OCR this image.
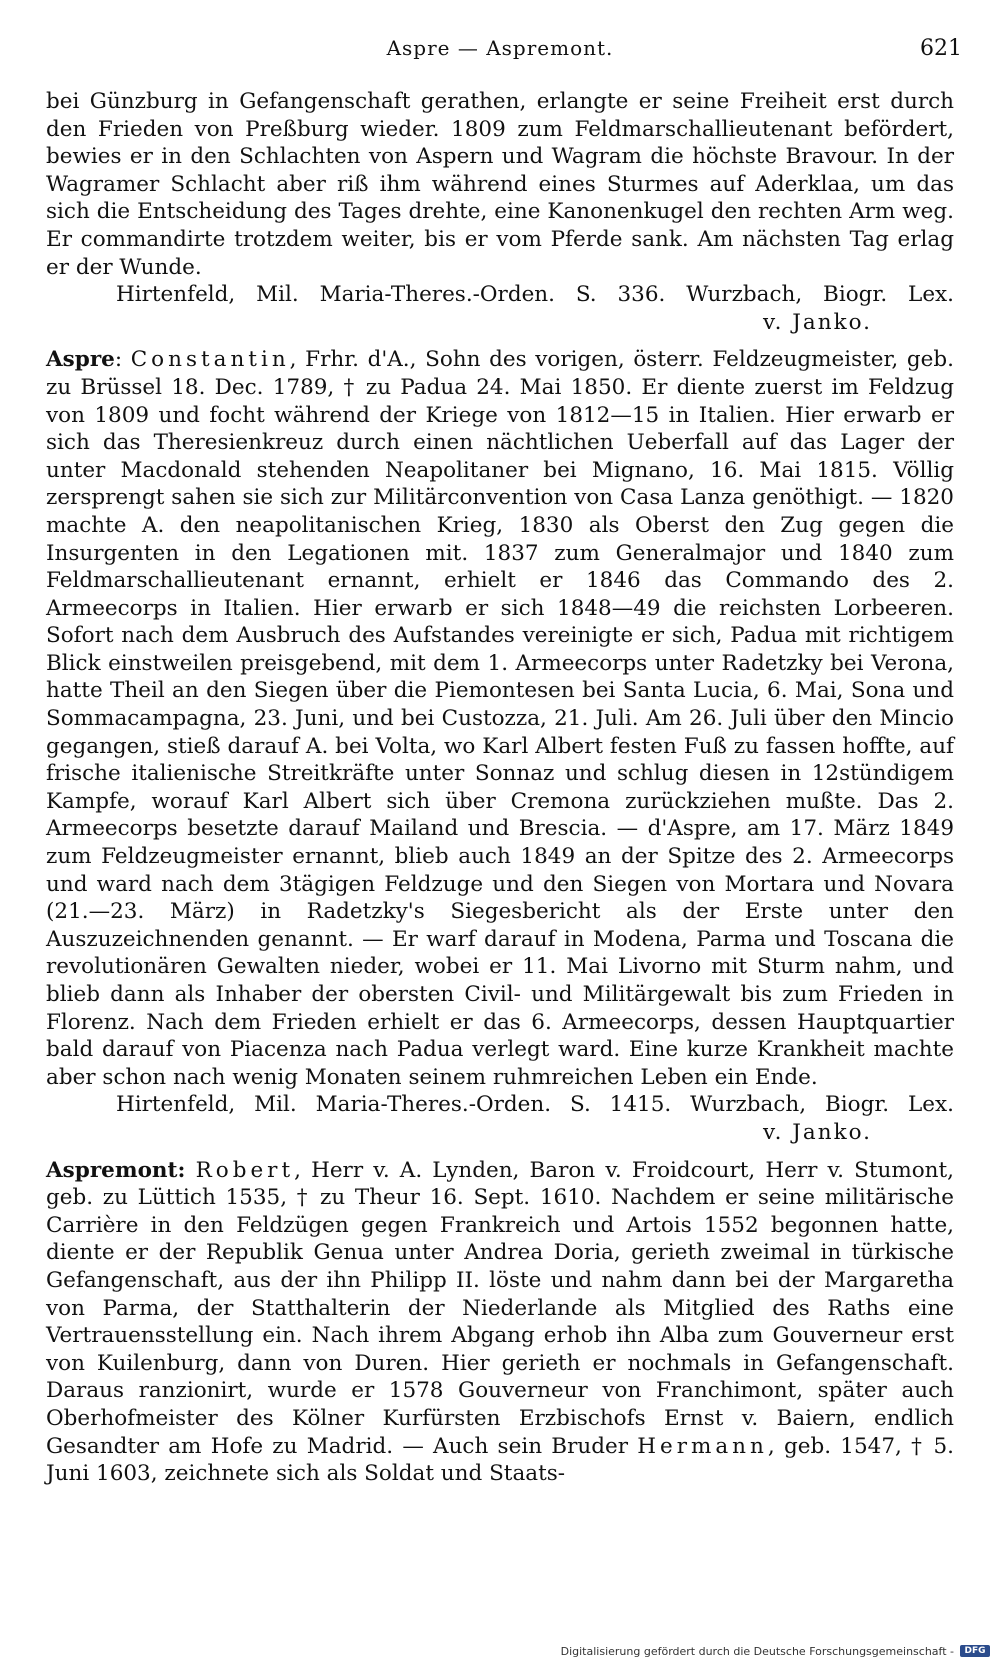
Aspre — Aspremont.	621

bei Günzburg in Gefangenschaft gerathen, erlangte er seine Freiheit erst durch den Frieden von Preßburg wieder. 1809 zum Feldmarschallieutenant befördert, bewies er in den Schlachten von Aspern und Wagram die höchste Bravour. In der Wagramer Schlacht aber riß ihm während eines Sturmes auf Aderklaa, um das sich die Entscheidung des Tages drehte, eine Kanonenkugel den rechten Arm weg. Er commandirte trotzdem weiter, bis er vom Pferde sank. Am nächsten Tag erlag er der Wunde.

Hirtenfeld, Mil. Maria-Theres.-Orden. S. 336. Wurzbach, Biogr. Lex.

v. Janko.

Aspre: Constantin, Frhr. d'A., Sohn des vorigen, österr. Feldzeugmeister, geb. zu Brüssel 18. Dec. 1789, † zu Padua 24. Mai 1850. Er diente zuerst im Feldzug von 1809 und focht während der Kriege von 1812—15 in Italien. Hier erwarb er sich das Theresienkreuz durch einen nächtlichen Ueberfall auf das Lager der unter Macdonald stehenden Neapolitaner bei Mignano, 16. Mai 1815. Völlig zersprengt sahen sie sich zur Militärconvention von Casa Lanza genöthigt. — 1820 machte A. den neapolitanischen Krieg, 1830 als Oberst den Zug gegen die Insurgenten in den Legationen mit. 1837 zum Generalmajor und 1840 zum Feldmarschallieutenant ernannt, erhielt er 1846 das Commando des 2. Armeecorps in Italien. Hier erwarb er sich 1848—49 die reichsten Lorbeeren. Sofort nach dem Ausbruch des Aufstandes vereinigte er sich, Padua mit richtigem Blick einstweilen preisgebend, mit dem 1. Armeecorps unter Radetzky bei Verona, hatte Theil an den Siegen über die Piemontesen bei Santa Lucia, 6. Mai, Sona und Sommacampagna, 23. Juni, und bei Custozza, 21. Juli. Am 26. Juli über den Mincio gegangen, stieß darauf A. bei Volta, wo Karl Albert festen Fuß zu fassen hoffte, auf frische italienische Streitkräfte unter Sonnaz und schlug diesen in 12stündigem Kampfe, worauf Karl Albert sich über Cremona zurückziehen mußte. Das 2. Armeecorps besetzte darauf Mailand und Brescia. — d'Aspre, am 17. März 1849 zum Feldzeugmeister ernannt, blieb auch 1849 an der Spitze des 2. Armeecorps und ward nach dem 3tägigen Feldzuge und den Siegen von Mortara und Novara (21.—23. März) in Radetzky's Siegesbericht als der Erste unter den Auszuzeichnenden genannt. — Er warf darauf in Modena, Parma und Toscana die revolutionären Gewalten nieder, wobei er 11. Mai Livorno mit Sturm nahm, und blieb dann als Inhaber der obersten Civil- und Militärgewalt bis zum Frieden in Florenz. Nach dem Frieden erhielt er das 6. Armeecorps, dessen Hauptquartier bald darauf von Piacenza nach Padua verlegt ward. Eine kurze Krankheit machte aber schon nach wenig Monaten seinem ruhmreichen Leben ein Ende.

Hirtenfeld, Mil. Maria-Theres.-Orden. S. 1415. Wurzbach, Biogr. Lex.

v. Janko.

Aspremont: Robert, Herr v. A. Lynden, Baron v. Froidcourt, Herr v. Stumont, geb. zu Lüttich 1535, † zu Theur 16. Sept. 1610. Nachdem er seine militärische Carrière in den Feldzügen gegen Frankreich und Artois 1552 begonnen hatte, diente er der Republik Genua unter Andrea Doria, gerieth zweimal in türkische Gefangenschaft, aus der ihn Philipp II. löste und nahm dann bei der Margaretha von Parma, der Statthalterin der Niederlande als Mitglied des Raths eine Vertrauensstellung ein. Nach ihrem Abgang erhob ihn Alba zum Gouverneur erst von Kuilenburg, dann von Duren. Hier gerieth er nochmals in Gefangenschaft. Daraus ranzionirt, wurde er 1578 Gouverneur von Franchimont, später auch Oberhofmeister des Kölner Kurfürsten Erzbischofs Ernst v. Baiern, endlich Gesandter am Hofe zu Madrid. — Auch sein Bruder Hermann, geb. 1547, † 5. Juni 1603, zeichnete sich als Soldat und Staats-

Digitalisierung gefördert durch die Deutsche Forschungsgemeinschaft -	DFG
